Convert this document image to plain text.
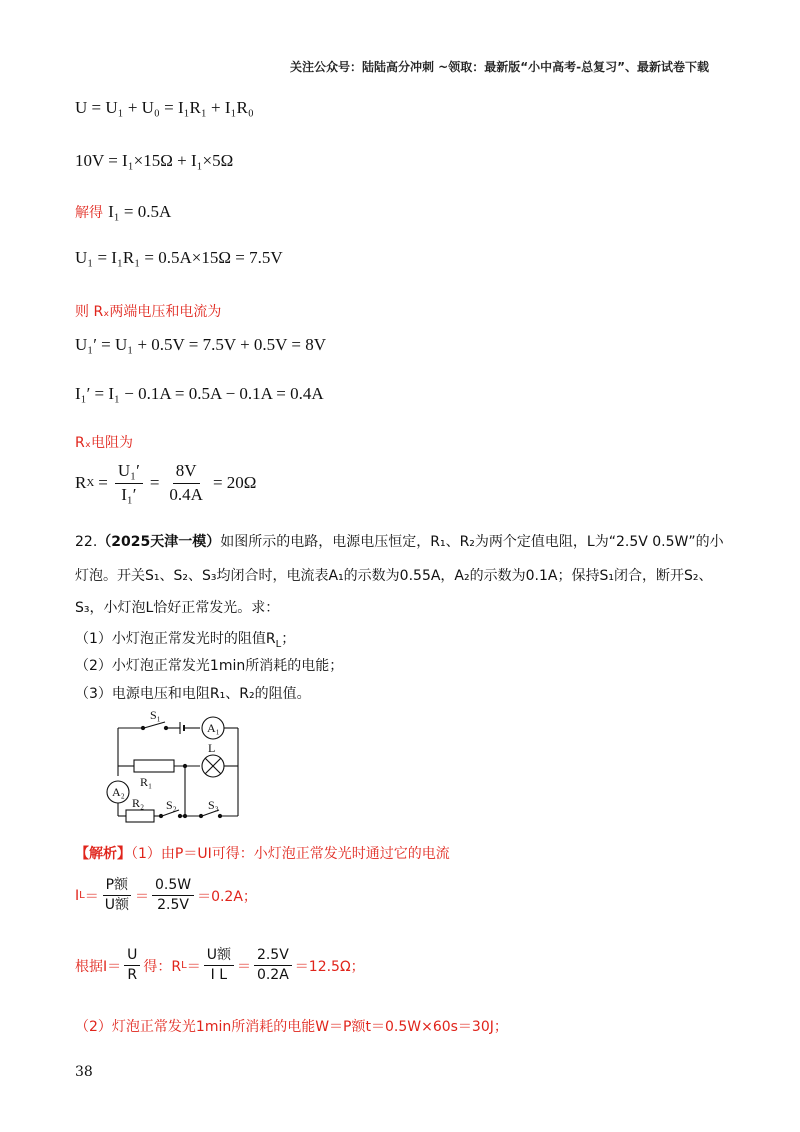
关注公众号：陆陆高分冲刺 ~领取：最新版“小中高考-总复习”、最新试卷下载
U = U₁ + U₀ = I₁R₁ + I₁R₀
10V = I₁×15Ω + I₁×5Ω
解得 I₁ = 0.5A
U₁ = I₁R₁ = 0.5A×15Ω = 7.5V
则 Rₓ两端电压和电流为
U₁′ = U₁ + 0.5V = 7.5V + 0.5V = 8V
I₁′ = I₁ − 0.1A = 0.5A − 0.1A = 0.4A
Rₓ电阻为
R $X = \frac{\text{U₁′}}{\text{I₁′}} = \frac{8V}{0.4A} = 20\Omega$
22.（2025天津一模）如图所示的电路，电源电压恒定，R₁、R₂为两个定值电阻，L为“2.5V 0.5W”的小
灯泡。开关S₁、S₂、S₃均闭合时，电流表A₁的示数为0.55A，A₂的示数为0.1A；保持S₁闭合，断开S₂、
S₃，小灯泡L恰好正常发光。求：
（1）小灯泡正常发光时的阻值$R_L$；
（2）小灯泡正常发光1min所消耗的电能；
（3）电源电压和电阻R₁、R₂的阻值。
S₁
A₁
L
R₁
A₂
R₂ S₂	S₃
【解析】（1）由P＝UI可得：小灯泡正常发光时通过它的电流
I $L = \frac{\text{P额}}{\text{U额}} = \frac{0.5W}{2.5V} =0.2A$；
根据$I= \frac{U}{R}$ 得：R $L = \frac{\text{U额}}{\text{I L}} = \frac{2.5V}{0.2A} =12.5\Omega$；
（2）灯泡正常发光1min所消耗的电能W＝P额t＝0.5W×60s＝30J；
38
